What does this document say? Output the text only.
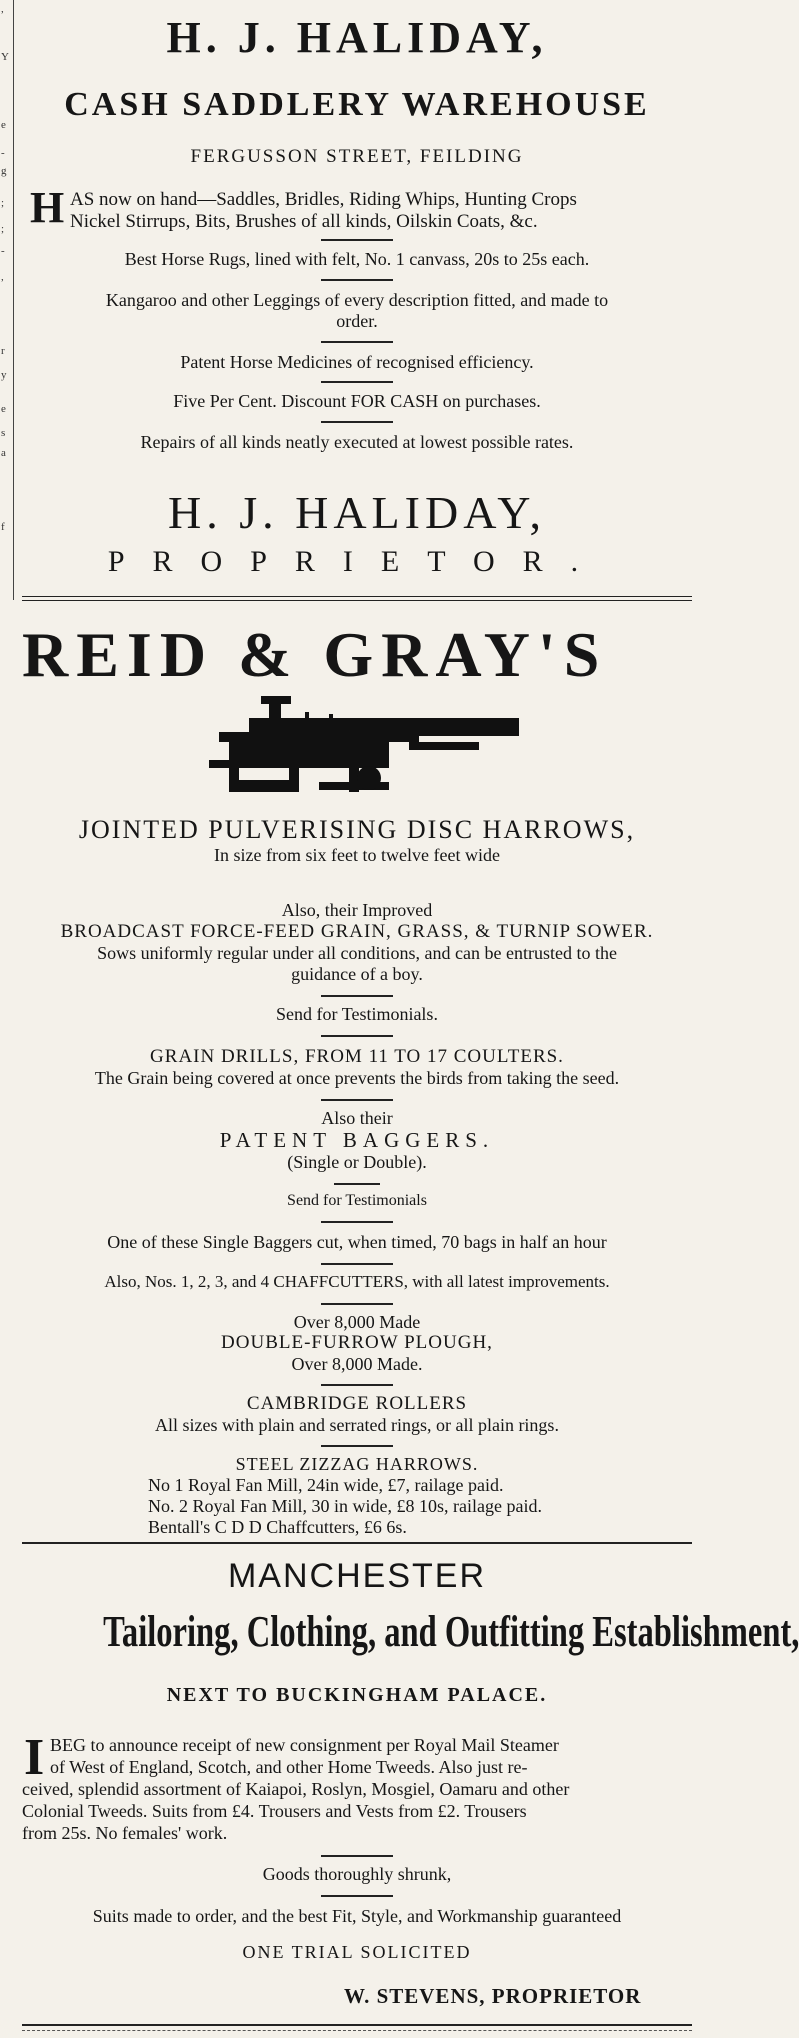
,
Y
e
-
g
;
;
-
,
r
y
e
s
a
f
H. J. HALIDAY,
CASH SADDLERY WAREHOUSE
FERGUSSON STREET, FEILDING
H AS now on hand—Saddles, Bridles, Riding Whips, Hunting Crops
Nickel Stirrups, Bits, Brushes of all kinds, Oilskin Coats, &c.
Best Horse Rugs, lined with felt, No. 1 canvass, 20s to 25s each.
Kangaroo and other Leggings of every description fitted, and made to
order.
Patent Horse Medicines of recognised efficiency.
Five Per Cent. Discount FOR CASH on purchases.
Repairs of all kinds neatly executed at lowest possible rates.
H. J. HALIDAY,
PROPRIETOR.
REID & GRAY'S
JOINTED PULVERISING DISC HARROWS,
In size from six feet to twelve feet wide
Also, their Improved
BROADCAST FORCE-FEED GRAIN, GRASS, & TURNIP SOWER.
Sows uniformly regular under all conditions, and can be entrusted to the
guidance of a boy.
Send for Testimonials.
GRAIN DRILLS, FROM 11 TO 17 COULTERS.
The Grain being covered at once prevents the birds from taking the seed.
Also their
PATENT BAGGERS.
(Single or Double).
Send for Testimonials
One of these Single Baggers cut, when timed, 70 bags in half an hour
Also, Nos. 1, 2, 3, and 4 CHAFFCUTTERS, with all latest improvements.
Over 8,000 Made
DOUBLE-FURROW PLOUGH,
Over 8,000 Made.
CAMBRIDGE ROLLERS
All sizes with plain and serrated rings, or all plain rings.
STEEL ZIZZAG HARROWS.
No 1 Royal Fan Mill, 24in wide, £7, railage paid.
No. 2 Royal Fan Mill, 30 in wide, £8 10s, railage paid.
Bentall's C D D Chaffcutters, £6 6s.
MANCHESTER
Tailoring, Clothing, and Outfitting Establishment,
NEXT TO BUCKINGHAM PALACE.
I BEG to announce receipt of new consignment per Royal Mail Steamer
of West of England, Scotch, and other Home Tweeds. Also just re-
ceived, splendid assortment of Kaiapoi, Roslyn, Mosgiel, Oamaru and other
Colonial Tweeds. Suits from £4. Trousers and Vests from £2. Trousers
from 25s. No females' work.
Goods thoroughly shrunk,
Suits made to order, and the best Fit, Style, and Workmanship guaranteed
ONE TRIAL SOLICITED
W. STEVENS, PROPRIETOR
